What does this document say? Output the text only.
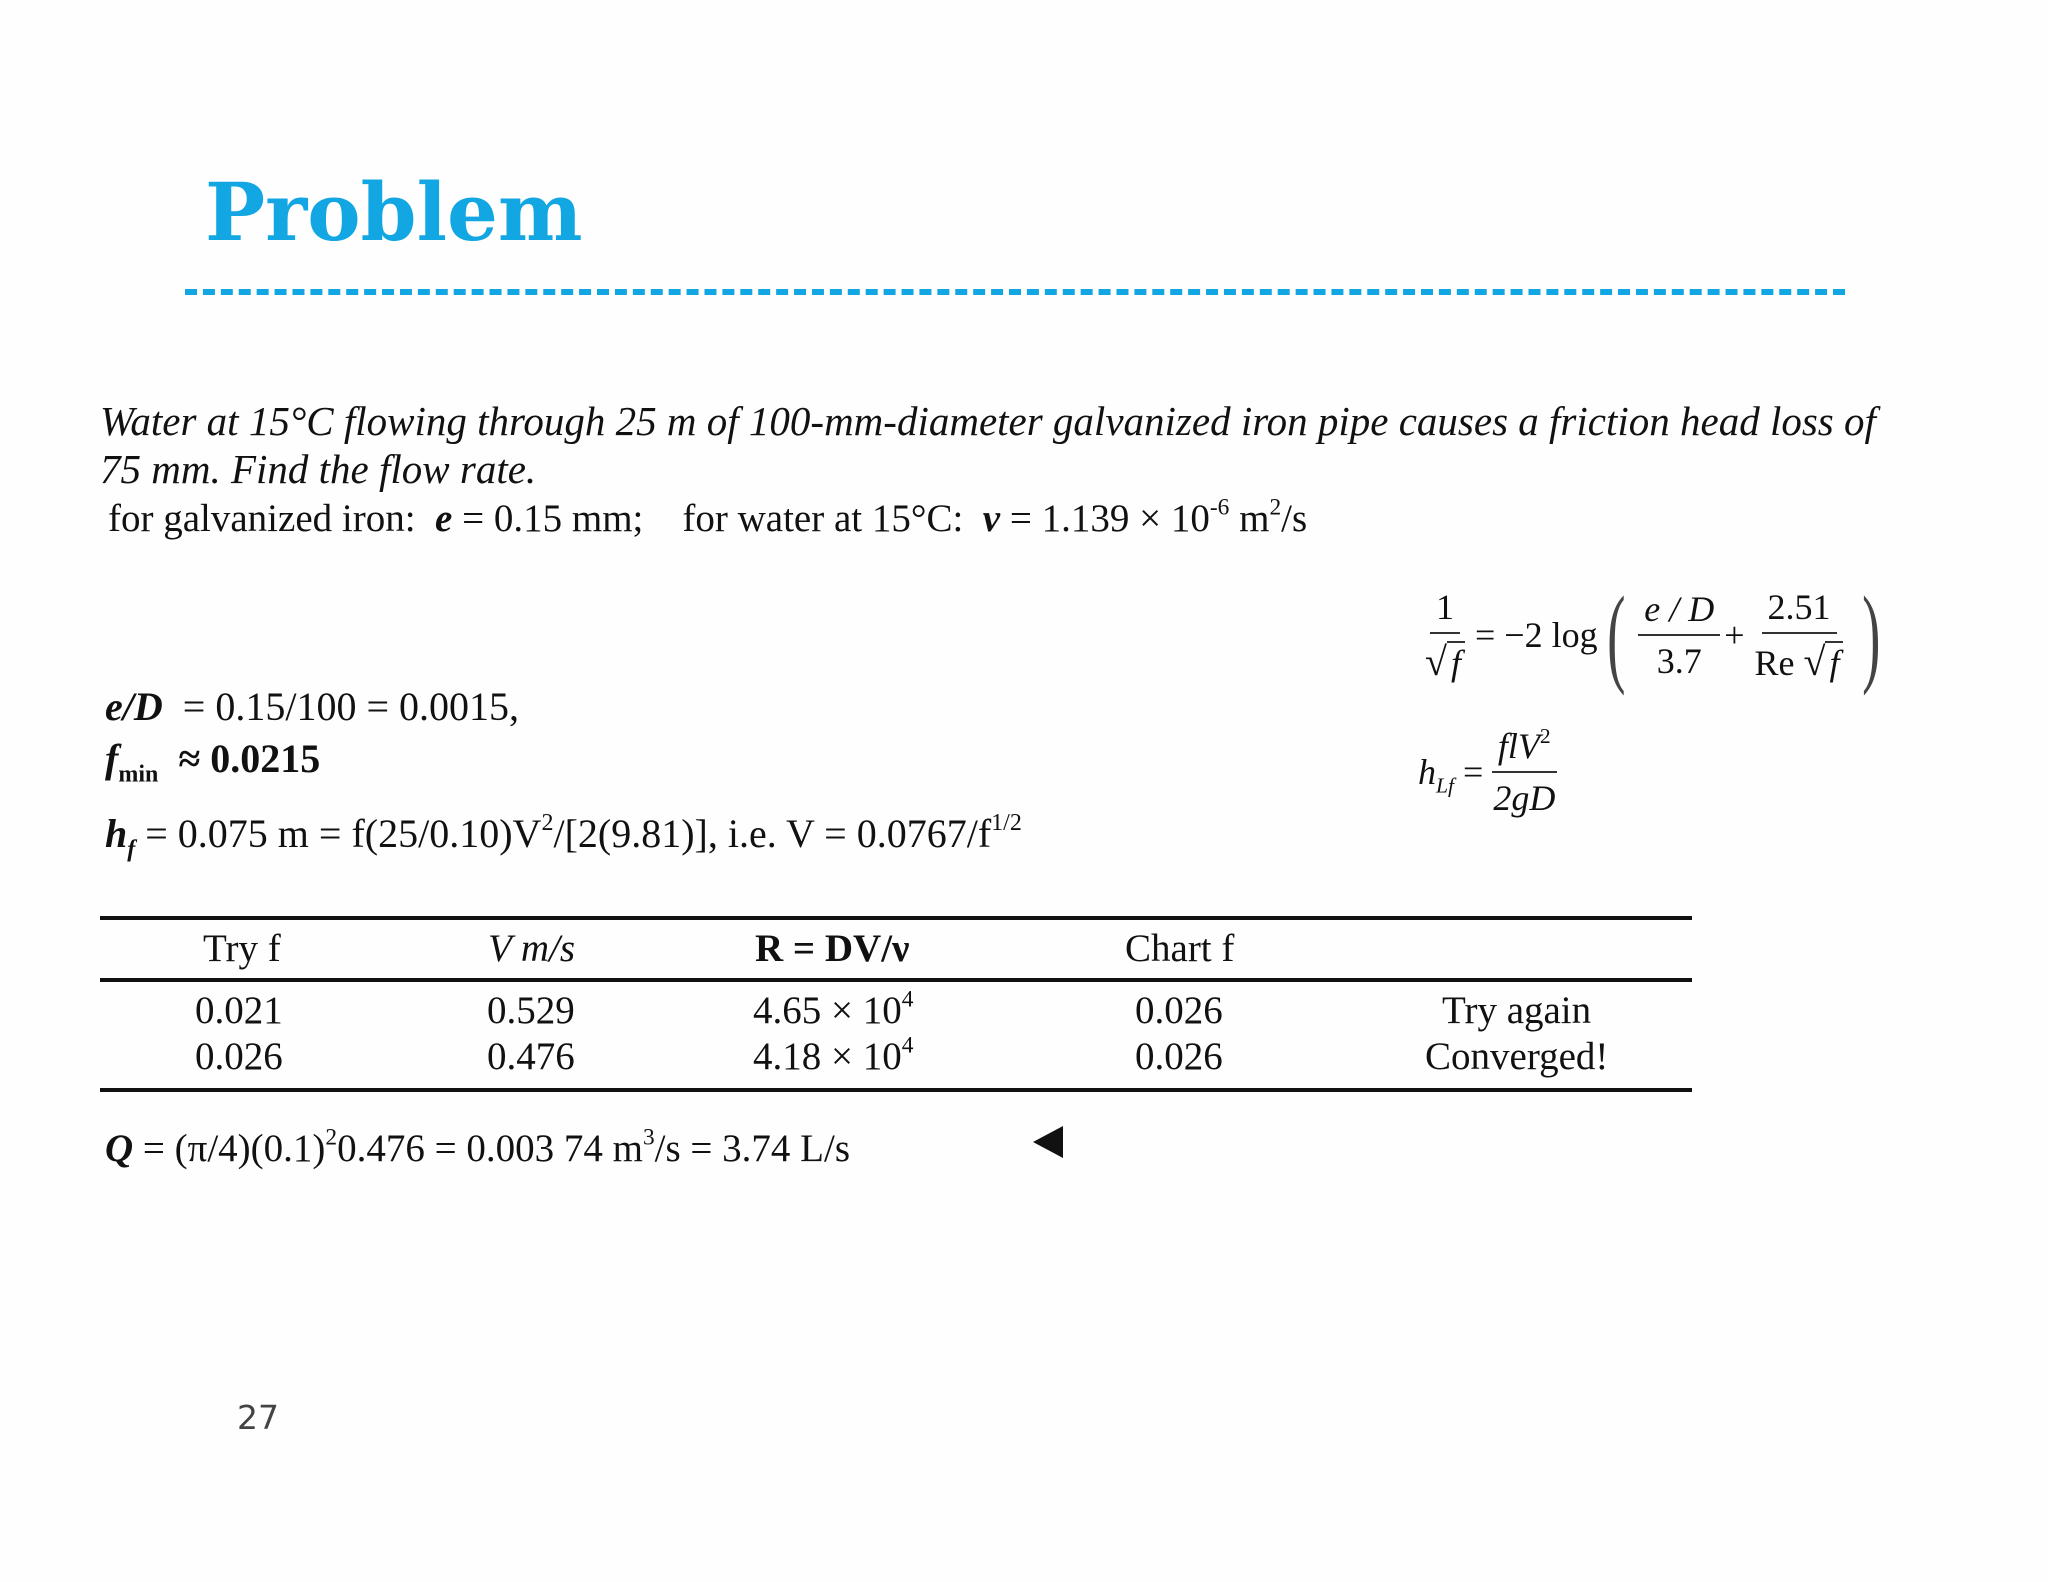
Problem
Water at 15°C flowing through 25 m of 100-mm-diameter galvanized iron pipe causes a friction head loss of
75 mm. Find the flow rate.
for galvanized iron: e = 0.15 mm; for water at 15°C: $\nu = 1.139 \times 10^{-6}$ $m^2/s$
$\frac{1}{√ f} = -2$ log ( $\frac{e / D}{3.7} + \frac{2.51}{Re √ f}$ )
$h_{Lf}$
= $\frac{flV^2}{2gD}$
e/D = 0.15/100 = 0.0015,
$f_{min} \approx 0.0215$
$h_f = 0.075$ $m = f(25/0.10)V^2/[2(9.81)]$, i.e. $V = 0.0767/f^{1/2}$
Try f	V m/s	R = DV/ν	Chart f
0.021	0.529	$4.65 \times 10^4$	0.026	Try again
0.026	0.476	$4.18 \times 10^4$	0.026	Converged!
$Q = (\pi/4)(0.1)^20.476 = 0.003$ 74 $m^3/s = 3.74$ L/s
27
